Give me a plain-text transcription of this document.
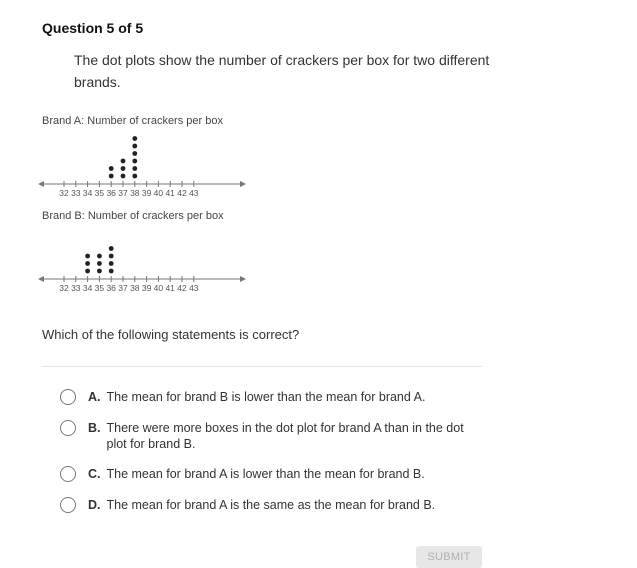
Question 5 of 5
The dot plots show the number of crackers per box for two different brands.
Brand A: Number of crackers per box
32 33 34 35 36 37 38 39 40 41 42 43
Brand B: Number of crackers per box
32 33 34 35 36 37 38 39 40 41 42 43
Which of the following statements is correct?
A. The mean for brand B is lower than the mean for brand A.
B. There were more boxes in the dot plot for brand A than in the dot plot for brand B.
C. The mean for brand A is lower than the mean for brand B.
D. The mean for brand A is the same as the mean for brand B.
SUBMIT
